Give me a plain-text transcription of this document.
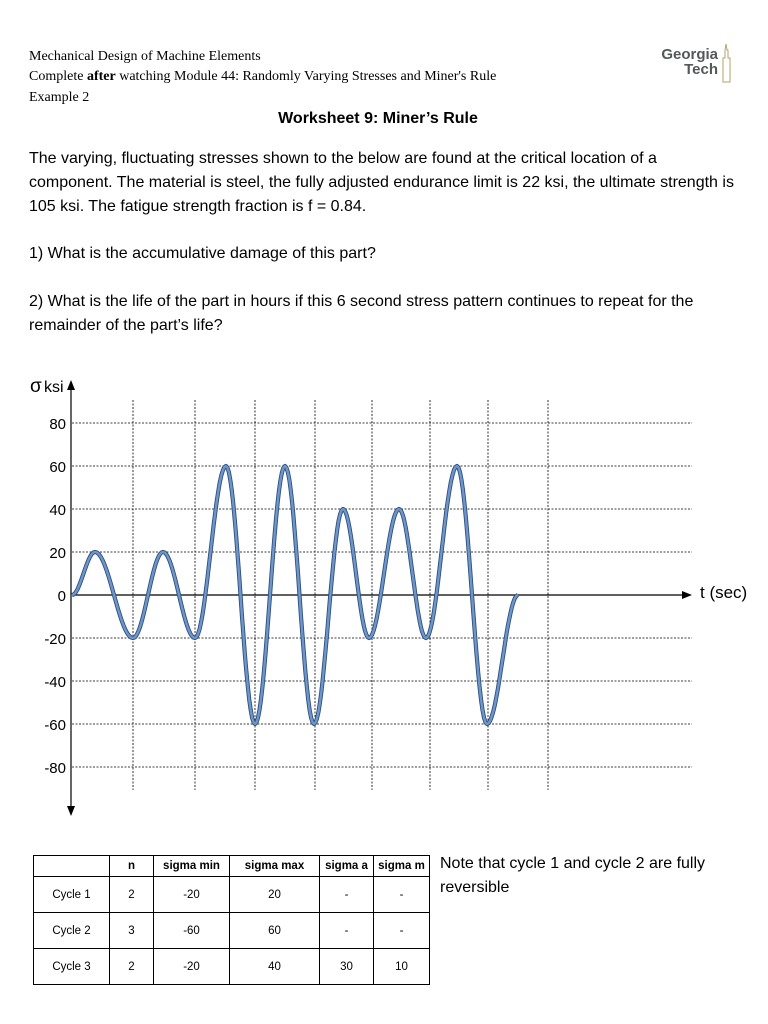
Mechanical Design of Machine Elements
Complete after watching Module 44: Randomly Varying Stresses and Miner's Rule
Example 2
Georgia
Tech
Worksheet 9: Miner’s Rule
The varying, fluctuating stresses shown to the below are found at the critical location of a component. The material is steel, the fully adjusted endurance limit is 22 ksi, the ultimate strength is 105 ksi. The fatigue strength fraction is f = 0.84.
1) What is the accumulative damage of this part?
2) What is the life of the part in hours if this 6 second stress pattern continues to repeat for the remainder of the part’s life?
80
60
40
20
0
-20
-40
-60
-80
σ ksi
t (sec)
	n	sigma min	sigma max	sigma a	sigma m
Cycle 1	2	-20	20	-	-
Cycle 2	3	-60	60	-	-
Cycle 3	2	-20	40	30	10
Note that cycle 1 and cycle 2 are fully reversible
